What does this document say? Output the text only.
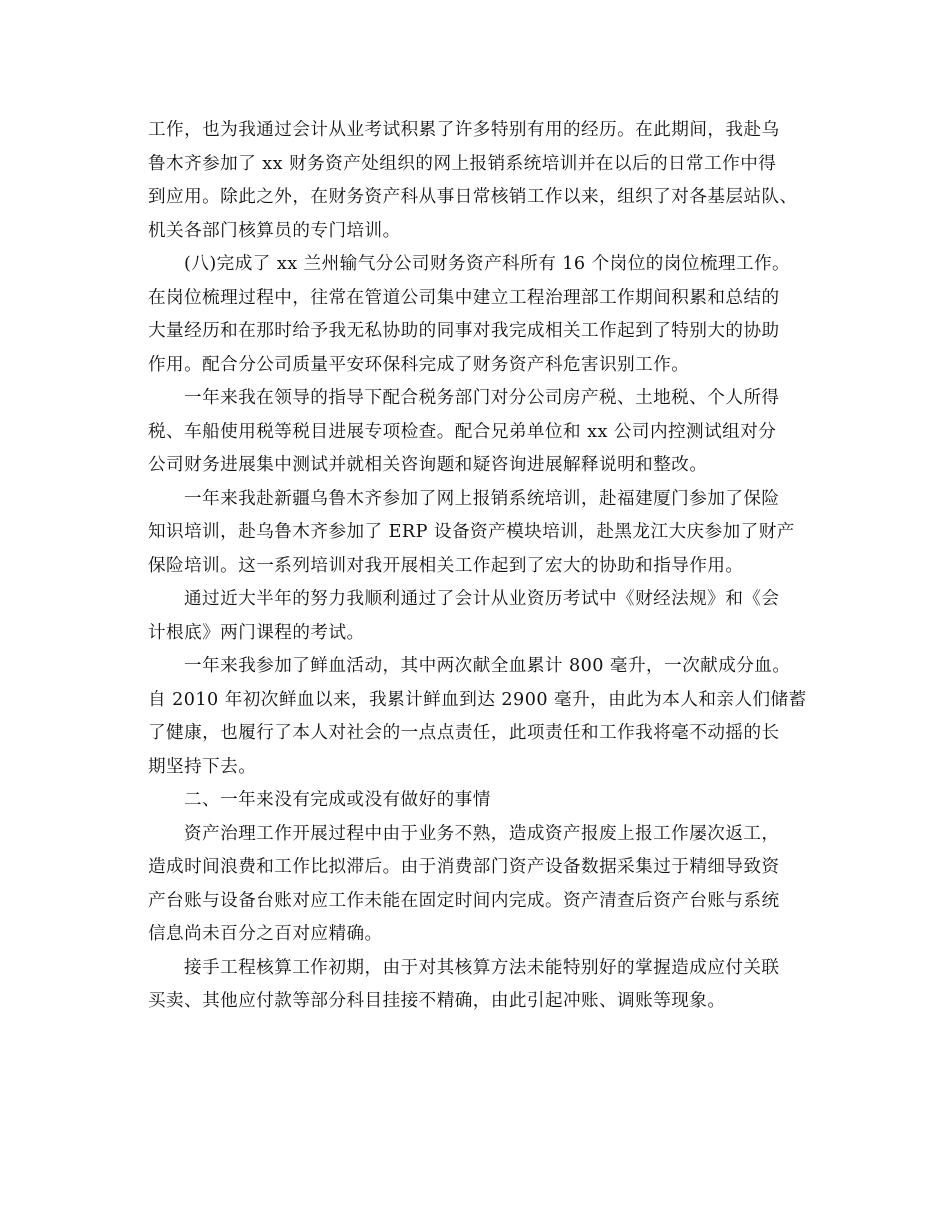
工作，也为我通过会计从业考试积累了许多特别有用的经历。在此期间，我赴乌
鲁木齐参加了 xx 财务资产处组织的网上报销系统培训并在以后的日常工作中得
到应用。除此之外，在财务资产科从事日常核销工作以来，组织了对各基层站队、
机关各部门核算员的专门培训。
(八)完成了 xx 兰州输气分公司财务资产科所有 16 个岗位的岗位梳理工作。
在岗位梳理过程中，往常在管道公司集中建立工程治理部工作期间积累和总结的
大量经历和在那时给予我无私协助的同事对我完成相关工作起到了特别大的协助
作用。配合分公司质量平安环保科完成了财务资产科危害识别工作。
一年来我在领导的指导下配合税务部门对分公司房产税、土地税、个人所得
税、车船使用税等税目进展专项检查。配合兄弟单位和 xx 公司内控测试组对分
公司财务进展集中测试并就相关咨询题和疑咨询进展解释说明和整改。
一年来我赴新疆乌鲁木齐参加了网上报销系统培训，赴福建厦门参加了保险
知识培训，赴乌鲁木齐参加了 ERP 设备资产模块培训，赴黑龙江大庆参加了财产
保险培训。这一系列培训对我开展相关工作起到了宏大的协助和指导作用。
通过近大半年的努力我顺利通过了会计从业资历考试中《财经法规》和《会
计根底》两门课程的考试。
一年来我参加了鲜血活动，其中两次献全血累计 800 毫升，一次献成分血。
自 2010 年初次鲜血以来，我累计鲜血到达 2900 毫升，由此为本人和亲人们储蓄
了健康，也履行了本人对社会的一点点责任，此项责任和工作我将毫不动摇的长
期坚持下去。
二、一年来没有完成或没有做好的事情
资产治理工作开展过程中由于业务不熟，造成资产报废上报工作屡次返工，
造成时间浪费和工作比拟滞后。由于消费部门资产设备数据采集过于精细导致资
产台账与设备台账对应工作未能在固定时间内完成。资产清查后资产台账与系统
信息尚未百分之百对应精确。
接手工程核算工作初期，由于对其核算方法未能特别好的掌握造成应付关联
买卖、其他应付款等部分科目挂接不精确，由此引起冲账、调账等现象。
